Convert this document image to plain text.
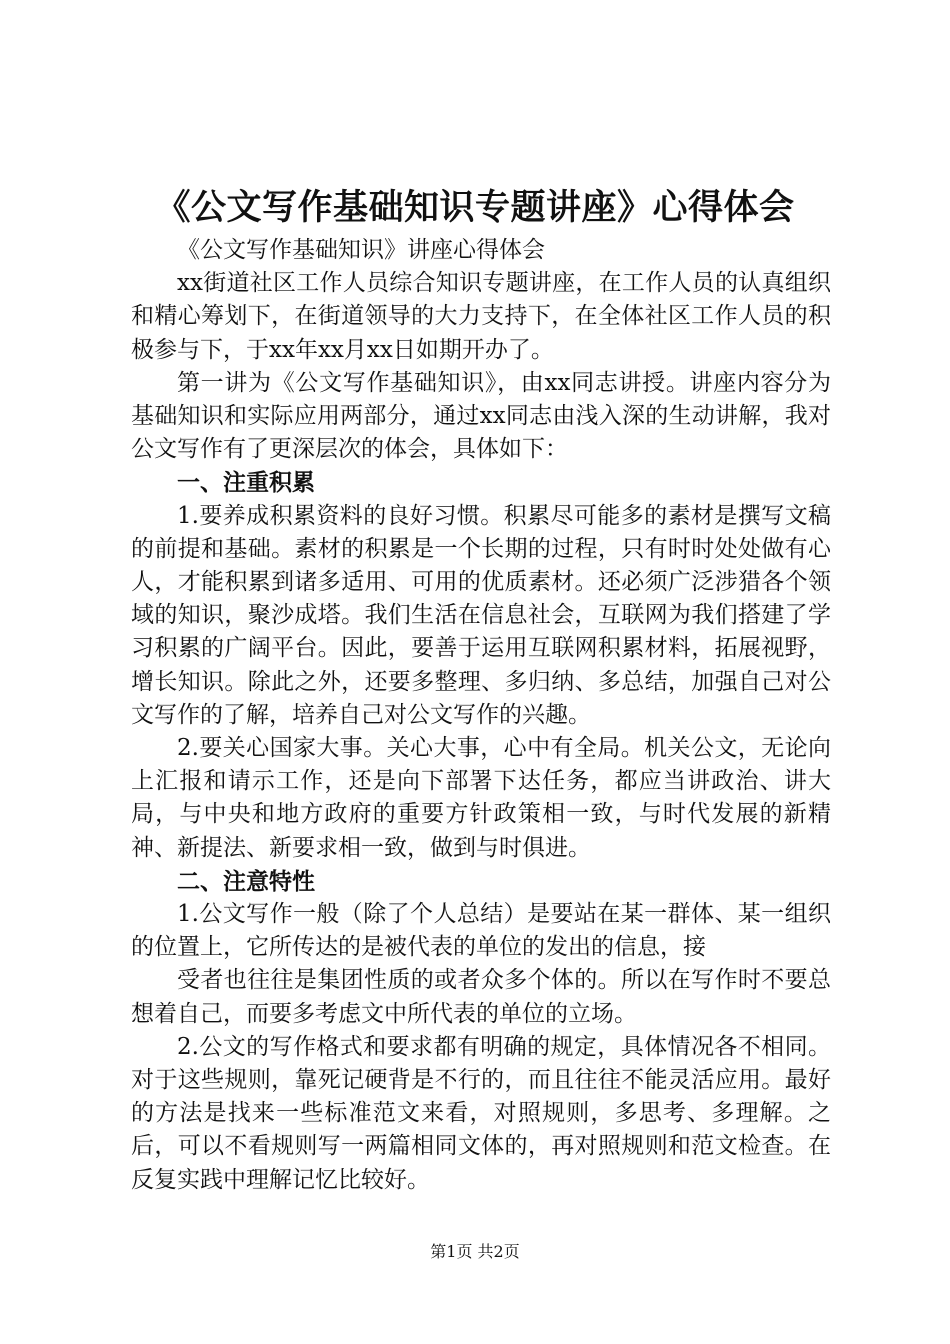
《公文写作基础知识专题讲座》心得体会

《公文写作基础知识》讲座心得体会

xx街道社区工作人员综合知识专题讲座，在工作人员的认真组织和精心筹划下，在街道领导的大力支持下，在全体社区工作人员的积极参与下，于xx年xx月xx日如期开办了。

第一讲为《公文写作基础知识》，由xx同志讲授。讲座内容分为基础知识和实际应用两部分，通过xx同志由浅入深的生动讲解，我对公文写作有了更深层次的体会，具体如下：

一、注重积累

1.要养成积累资料的良好习惯。积累尽可能多的素材是撰写文稿的前提和基础。素材的积累是一个长期的过程，只有时时处处做有心人，才能积累到诸多适用、可用的优质素材。还必须广泛涉猎各个领域的知识，聚沙成塔。我们生活在信息社会，互联网为我们搭建了学习积累的广阔平台。因此，要善于运用互联网积累材料，拓展视野，增长知识。除此之外，还要多整理、多归纳、多总结，加强自己对公文写作的了解，培养自己对公文写作的兴趣。

2.要关心国家大事。关心大事，心中有全局。机关公文，无论向上汇报和请示工作，还是向下部署下达任务，都应当讲政治、讲大局，与中央和地方政府的重要方针政策相一致，与时代发展的新精神、新提法、新要求相一致，做到与时俱进。

二、注意特性

1.公文写作一般（除了个人总结）是要站在某一群体、某一组织的位置上，它所传达的是被代表的单位的发出的信息，接

受者也往往是集团性质的或者众多个体的。所以在写作时不要总想着自己，而要多考虑文中所代表的单位的立场。

2.公文的写作格式和要求都有明确的规定，具体情况各不相同。对于这些规则，靠死记硬背是不行的，而且往往不能灵活应用。最好的方法是找来一些标准范文来看，对照规则，多思考、多理解。之后，可以不看规则写一两篇相同文体的，再对照规则和范文检查。在反复实践中理解记忆比较好。

第1页 共2页
